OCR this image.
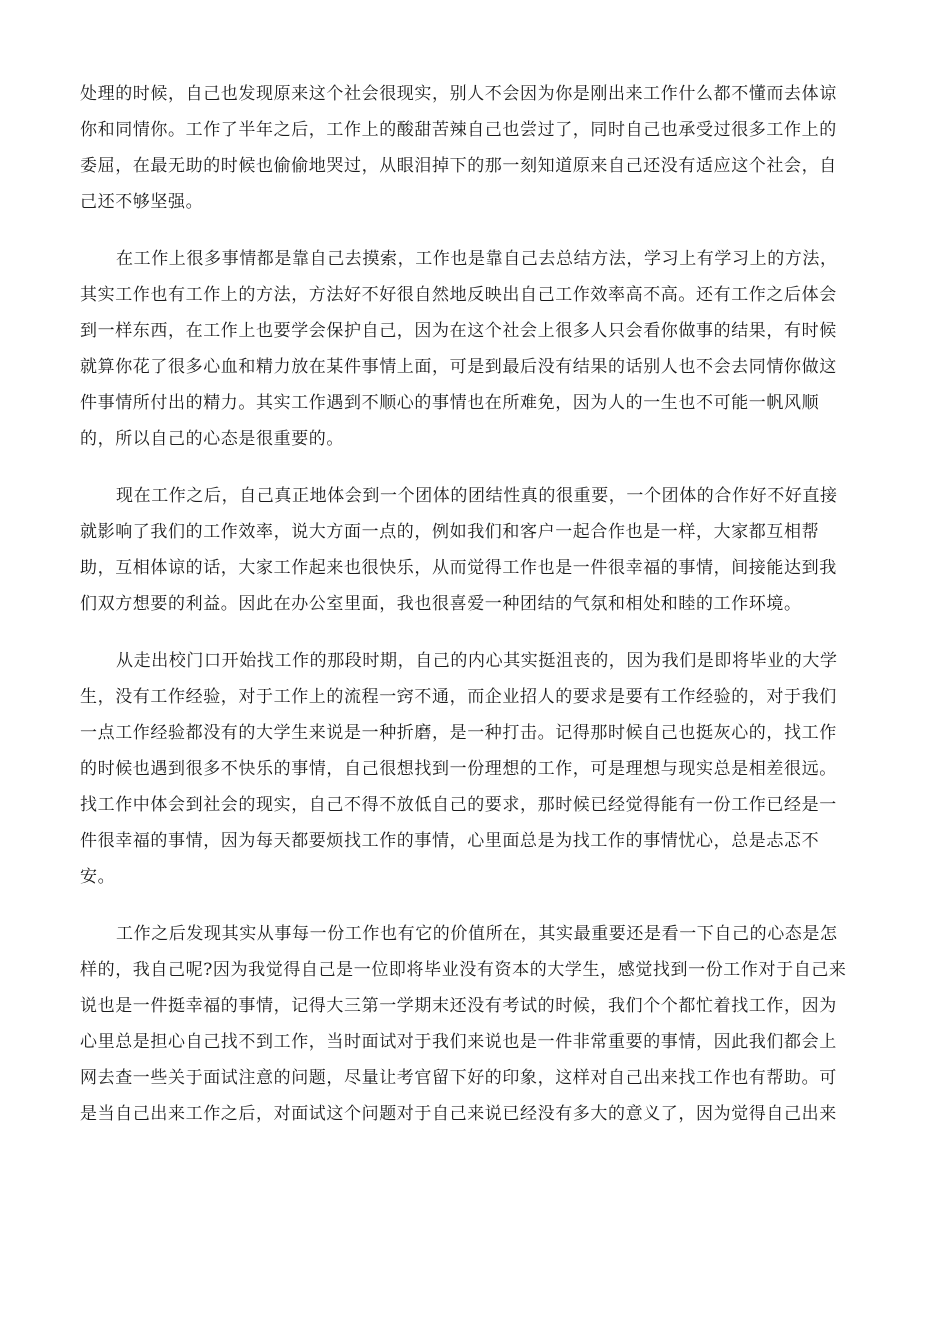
处理的时候，自己也发现原来这个社会很现实，别人不会因为你是刚出来工作什么都不懂而去体谅
你和同情你。工作了半年之后，工作上的酸甜苦辣自己也尝过了，同时自己也承受过很多工作上的
委屈，在最无助的时候也偷偷地哭过，从眼泪掉下的那一刻知道原来自己还没有适应这个社会，自
己还不够坚强。
在工作上很多事情都是靠自己去摸索，工作也是靠自己去总结方法，学习上有学习上的方法，
其实工作也有工作上的方法，方法好不好很自然地反映出自己工作效率高不高。还有工作之后体会
到一样东西，在工作上也要学会保护自己，因为在这个社会上很多人只会看你做事的结果，有时候
就算你花了很多心血和精力放在某件事情上面，可是到最后没有结果的话别人也不会去同情你做这
件事情所付出的精力。其实工作遇到不顺心的事情也在所难免，因为人的一生也不可能一帆风顺
的，所以自己的心态是很重要的。
现在工作之后，自己真正地体会到一个团体的团结性真的很重要，一个团体的合作好不好直接
就影响了我们的工作效率，说大方面一点的，例如我们和客户一起合作也是一样，大家都互相帮
助，互相体谅的话，大家工作起来也很快乐，从而觉得工作也是一件很幸福的事情，间接能达到我
们双方想要的利益。因此在办公室里面，我也很喜爱一种团结的气氛和相处和睦的工作环境。
从走出校门口开始找工作的那段时期，自己的内心其实挺沮丧的，因为我们是即将毕业的大学
生，没有工作经验，对于工作上的流程一窍不通，而企业招人的要求是要有工作经验的，对于我们
一点工作经验都没有的大学生来说是一种折磨，是一种打击。记得那时候自己也挺灰心的，找工作
的时候也遇到很多不快乐的事情，自己很想找到一份理想的工作，可是理想与现实总是相差很远。
找工作中体会到社会的现实，自己不得不放低自己的要求，那时候已经觉得能有一份工作已经是一
件很幸福的事情，因为每天都要烦找工作的事情，心里面总是为找工作的事情忧心，总是忐忑不
安。
工作之后发现其实从事每一份工作也有它的价值所在，其实最重要还是看一下自己的心态是怎
样的，我自己呢?因为我觉得自己是一位即将毕业没有资本的大学生，感觉找到一份工作对于自己来
说也是一件挺幸福的事情，记得大三第一学期末还没有考试的时候，我们个个都忙着找工作，因为
心里总是担心自己找不到工作，当时面试对于我们来说也是一件非常重要的事情，因此我们都会上
网去查一些关于面试注意的问题，尽量让考官留下好的印象，这样对自己出来找工作也有帮助。可
是当自己出来工作之后，对面试这个问题对于自己来说已经没有多大的意义了，因为觉得自己出来
